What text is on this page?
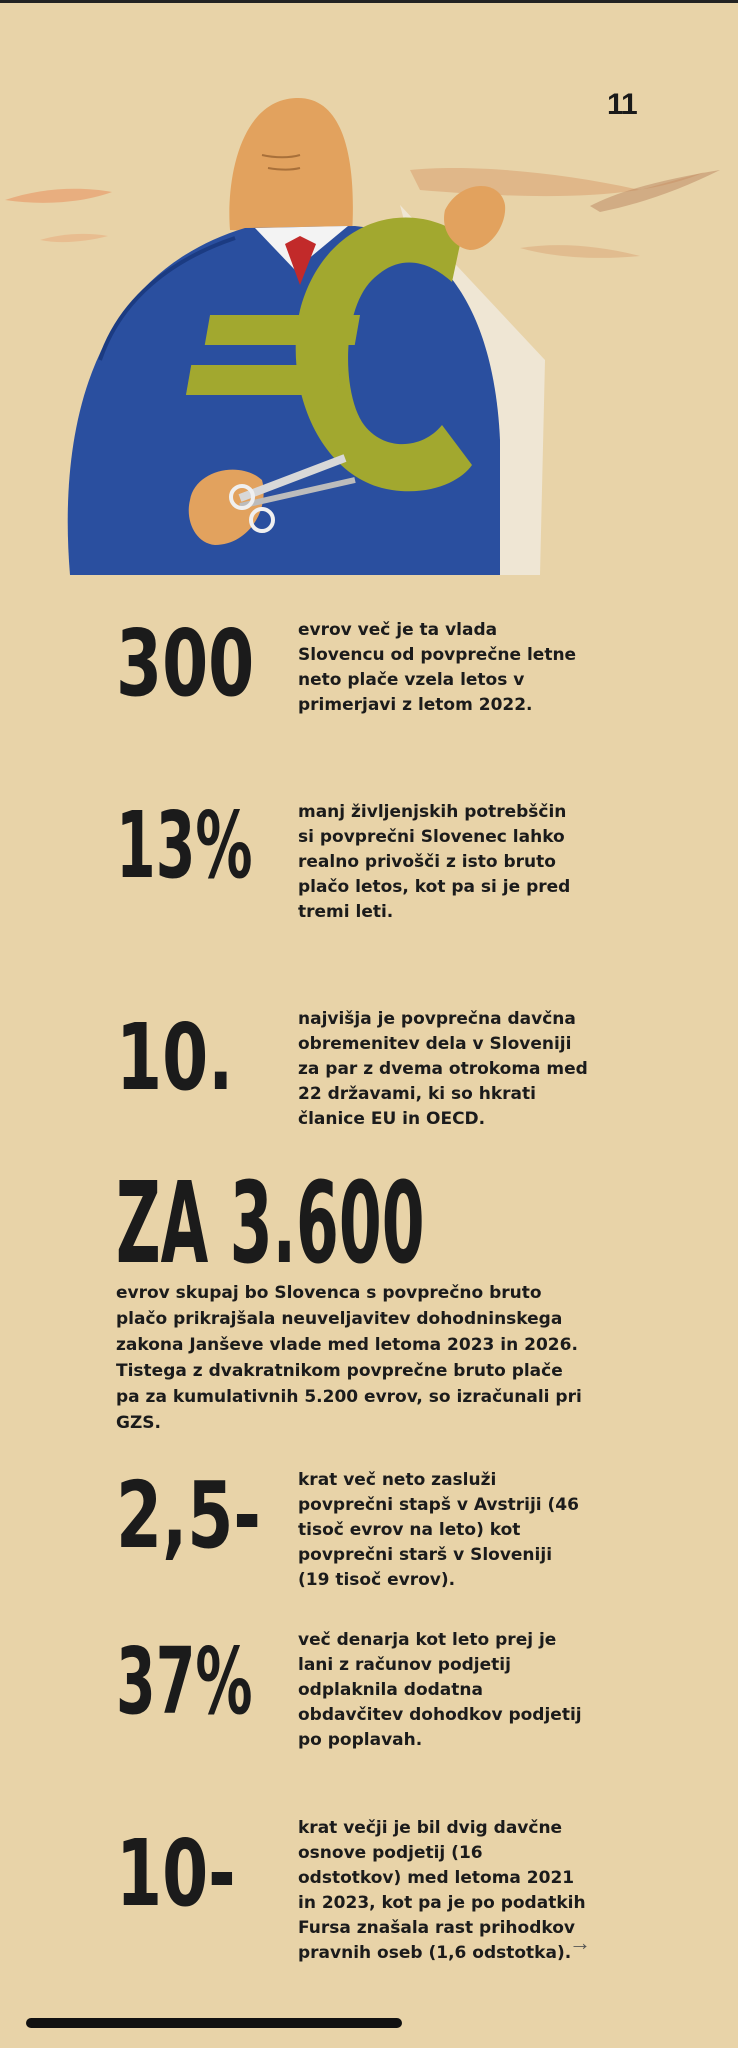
11
300	evrov več je ta vlada Slovencu od povprečne letne neto plače vzela letos v primerjavi z letom 2022.
13%	manj življenjskih potrebščin si povprečni Slovenec lahko realno privošči z isto bruto plačo letos, kot pa si je pred tremi leti.
10.	najvišja je povprečna davčna obremenitev dela v Sloveniji za par z dvema otrokoma med 22 državami, ki so hkrati članice EU in OECD.
ZA 3.600
evrov skupaj bo Slovenca s povprečno bruto plačo prikrajšala neuveljavitev dohodninskega zakona Janševe vlade med letoma 2023 in 2026. Tistega z dvakratnikom povprečne bruto plače pa za kumulativnih 5.200 evrov, so izračunali pri GZS.
2,5- krat več neto zasluži povprečni staрš v Avstriji (46 tisoč evrov na leto) kot povprečni starš v Sloveniji (19 tisoč evrov).
37%	več denarja kot leto prej je lani z računov podjetij odplaknila dodatna obdavčitev dohodkov podjetij po poplavah.
10-	krat večji je bil dvig davčne osnove podjetij (16 odstotkov) med letoma 2021 in 2023, kot pa je po podatkih Fursa znašala rast prihodkov pravnih oseb (1,6 odstotka).
→
